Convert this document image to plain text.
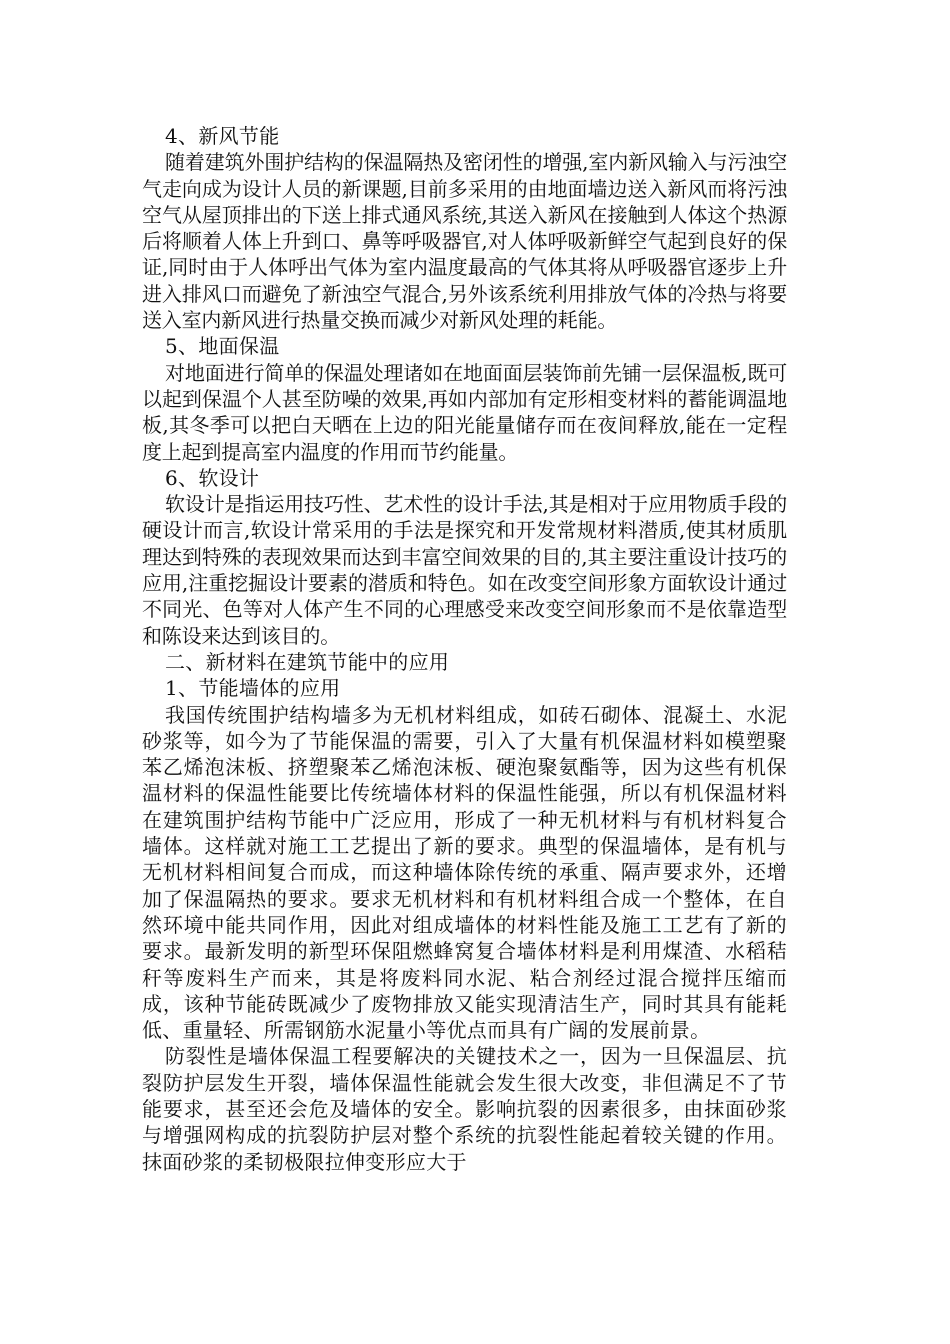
4、新风节能
随着建筑外围护结构的保温隔热及密闭性的增强,室内新风输入与污浊空气走向成为设计人员的新课题,目前多采用的由地面墙边送入新风而将污浊空气从屋顶排出的下送上排式通风系统,其送入新风在接触到人体这个热源后将顺着人体上升到口、鼻等呼吸器官,对人体呼吸新鲜空气起到良好的保证,同时由于人体呼出气体为室内温度最高的气体其将从呼吸器官逐步上升进入排风口而避免了新浊空气混合,另外该系统利用排放气体的冷热与将要送入室内新风进行热量交换而减少对新风处理的耗能。
5、地面保温
对地面进行简单的保温处理诸如在地面面层装饰前先铺一层保温板,既可以起到保温个人甚至防噪的效果,再如内部加有定形相变材料的蓄能调温地板,其冬季可以把白天晒在上边的阳光能量储存而在夜间释放,能在一定程度上起到提高室内温度的作用而节约能量。
6、软设计
软设计是指运用技巧性、艺术性的设计手法,其是相对于应用物质手段的硬设计而言,软设计常采用的手法是探究和开发常规材料潜质,使其材质肌理达到特殊的表现效果而达到丰富空间效果的目的,其主要注重设计技巧的应用,注重挖掘设计要素的潜质和特色。如在改变空间形象方面软设计通过不同光、色等对人体产生不同的心理感受来改变空间形象而不是依靠造型和陈设来达到该目的。
二、新材料在建筑节能中的应用
1、节能墙体的应用
我国传统围护结构墙多为无机材料组成，如砖石砌体、混凝土、水泥砂浆等，如今为了节能保温的需要，引入了大量有机保温材料如模塑聚苯乙烯泡沫板、挤塑聚苯乙烯泡沫板、硬泡聚氨酯等，因为这些有机保温材料的保温性能要比传统墙体材料的保温性能强，所以有机保温材料在建筑围护结构节能中广泛应用，形成了一种无机材料与有机材料复合墙体。这样就对施工工艺提出了新的要求。典型的保温墙体，是有机与无机材料相间复合而成，而这种墙体除传统的承重、隔声要求外，还增加了保温隔热的要求。要求无机材料和有机材料组合成一个整体，在自然环境中能共同作用，因此对组成墙体的材料性能及施工工艺有了新的要求。最新发明的新型环保阻燃蜂窝复合墙体材料是利用煤渣、水稻秸秆等废料生产而来，其是将废料同水泥、粘合剂经过混合搅拌压缩而成，该种节能砖既减少了废物排放又能实现清洁生产，同时其具有能耗低、重量轻、所需钢筋水泥量小等优点而具有广阔的发展前景。
防裂性是墙体保温工程要解决的关键技术之一，因为一旦保温层、抗裂防护层发生开裂，墙体保温性能就会发生很大改变，非但满足不了节能要求，甚至还会危及墙体的安全。影响抗裂的因素很多，由抹面砂浆与增强网构成的抗裂防护层对整个系统的抗裂性能起着较关键的作用。抹面砂浆的柔韧极限拉伸变形应大于
